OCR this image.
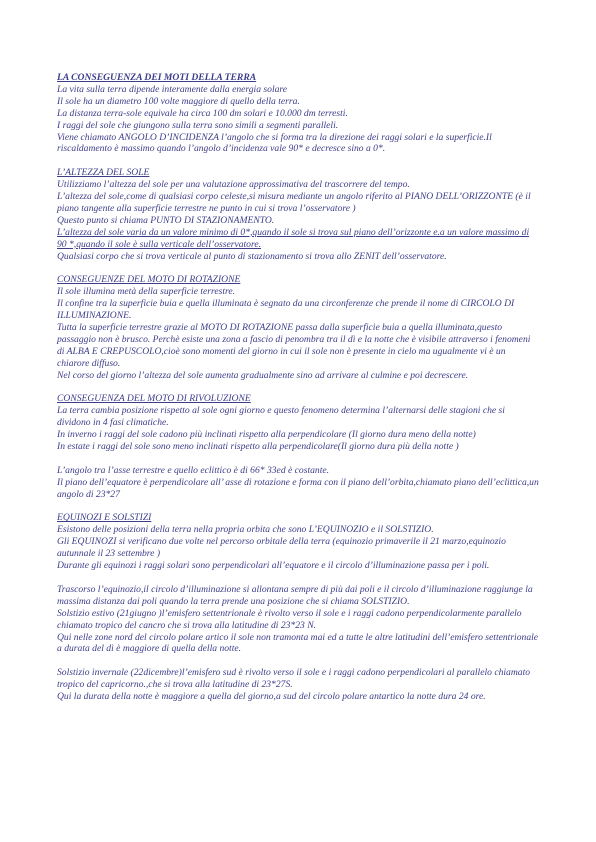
LA CONSEGUENZA DEI MOTI DELLA TERRA
La vita sulla terra dipende interamente dalla energia solare
Il sole ha un diametro 100 volte maggiore di quello della terra.
La distanza terra-sole equivale ha circa 100 dm solari e 10.000 dm terresti.
I raggi del sole che giungono sulla terra sono simili a segmenti paralleli.
Viene chiamato ANGOLO D’INCIDENZA l’angolo che si forma tra la direzione dei raggi solari e la superficie.Il riscaldamento è massimo quando l’angolo d’incidenza vale 90* e decresce sino a 0*.
L’ALTEZZA DEL SOLE
Utilizziamo l’altezza del sole per una valutazione approssimativa del trascorrere del tempo.
L’altezza del sole,come di qualsiasi corpo celeste,si misura mediante un angolo riferito al PIANO DELL’ORIZZONTE (è il piano tangente alla superficie terrestre ne punto in cui si trova l’osservatore )
Questo punto si chiama PUNTO DI STAZIONAMENTO.
L’altezza del sole varia da un valore minimo di 0*,quando il sole si trova sul piano dell’orizzonte e.a un valore massimo di 90 *,quando il sole è sulla verticale dell’osservatore.
Qualsiasi corpo che si trova verticale al punto di stazionamento si trova allo ZENIT dell’osservatore.
CONSEGUENZE DEL MOTO DI ROTAZIONE
Il sole illumina metà della superficie terrestre.
Il confine tra la superficie buia e quella illuminata è segnato da una circonferenze che prende il nome di CIRCOLO DI ILLUMINAZIONE.
Tutta la superficie terrestre grazie al MOTO DI ROTAZIONE passa dalla superficie buia a quella illuminata,questo passaggio non è brusco. Perchè esiste una zona a fascio di penombra tra il dì e la notte che è visibile attraverso i fenomeni di ALBA E CREPUSCOLO,cioè sono momenti del giorno in cui il sole non è presente in cielo ma ugualmente vi è un chiarore diffuso.
Nel corso del giorno l’altezza del sole aumenta gradualmente sino ad arrivare al culmine e poi decrescere.
CONSEGUENZA DEL MOTO DI RIVOLUZIONE
La terra cambia posizione rispetto al sole ogni giorno e questo fenomeno determina l’alternarsi delle stagioni che si dividono in 4 fasi climatiche.
In inverno i raggi del sole cadono più inclinati rispetto alla perpendicolare (Il giorno dura meno della notte)
In estate i raggi del sole sono meno inclinati rispetto alla perpendicolare(Il giorno dura più della notte )
L’angolo tra l’asse terrestre e quello eclittico è di 66* 33ed è costante.
Il piano dell’equatore è perpendicolare all’ asse di rotazione e forma con il piano dell’orbita,chiamato piano dell’eclittica,un angolo di 23*27
EQUINOZI E SOLSTIZI
Esistono delle posizioni della terra nella propria orbita che sono L’EQUINOZIO e il SOLSTIZIO.
Gli EQUINOZI si verificano due volte nel percorso orbitale della terra (equinozio primaverile il 21 marzo,equinozio autunnale il 23 settembre )
Durante gli equinozi i raggi solari sono perpendicolari all’equatore e il circolo d’illuminazione passa per i poli.
Trascorso l’equinozio,il circolo d’illuminazione si allontana sempre di più dai poli e il circolo d’illuminazione raggiunge la massima distanza dai poli quando la terra prende una posizione che si chiama SOLSTIZIO.
Solstizio estivo (21giugno )l’emisfero settentrionale è rivolto verso il sole e i raggi cadono perpendicolarmente parallelo chiamato tropico del cancro che si trova alla latitudine di 23*23 N.
Qui nelle zone nord del circolo polare artico il sole non tramonta mai ed a tutte le altre latitudini dell’emisfero settentrionale a durata del dì è maggiore di quella della notte.
Solstizio invernale (22dicembre)l’emisfero sud è rivolto verso il sole e i raggi cadono perpendicolari al parallelo chiamato tropico del capricorno.,che si trova alla latitudine di 23*27S.
Qui la durata della notte è maggiore a quella del giorno,a sud del circolo polare antartico la notte dura 24 ore.
